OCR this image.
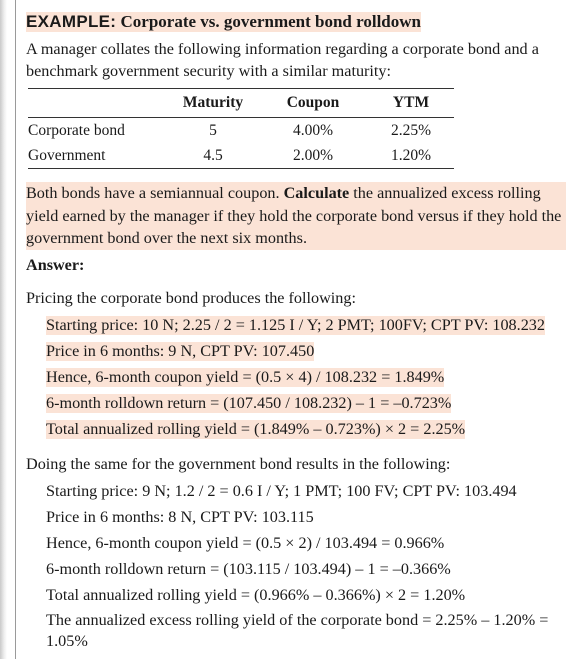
EXAMPLE: Corporate vs. government bond rolldown
A manager collates the following information regarding a corporate bond and a benchmark government security with a similar maturity:
	Maturity	Coupon	YTM
Corporate bond	5	4.00%	2.25%
Government	4.5	2.00%	1.20%
Both bonds have a semiannual coupon. Calculate the annualized excess rolling yield earned by the manager if they hold the corporate bond versus if they hold the government bond over the next six months.
Answer:
Pricing the corporate bond produces the following:
Starting price: 10 N; 2.25 / 2 = 1.125 I / Y; 2 PMT; 100FV; CPT PV: 108.232
Price in 6 months: 9 N, CPT PV: 107.450
Hence, 6-month coupon yield = (0.5 × 4) / 108.232 = 1.849%
6-month rolldown return = (107.450 / 108.232) – 1 = –0.723%
Total annualized rolling yield = (1.849% – 0.723%) × 2 = 2.25%
Doing the same for the government bond results in the following:
Starting price: 9 N; 1.2 / 2 = 0.6 I / Y; 1 PMT; 100 FV; CPT PV: 103.494
Price in 6 months: 8 N, CPT PV: 103.115
Hence, 6-month coupon yield = (0.5 × 2) / 103.494 = 0.966%
6-month rolldown return = (103.115 / 103.494) – 1 = –0.366%
Total annualized rolling yield = (0.966% – 0.366%) × 2 = 1.20%
The annualized excess rolling yield of the corporate bond = 2.25% – 1.20% = 1.05%
